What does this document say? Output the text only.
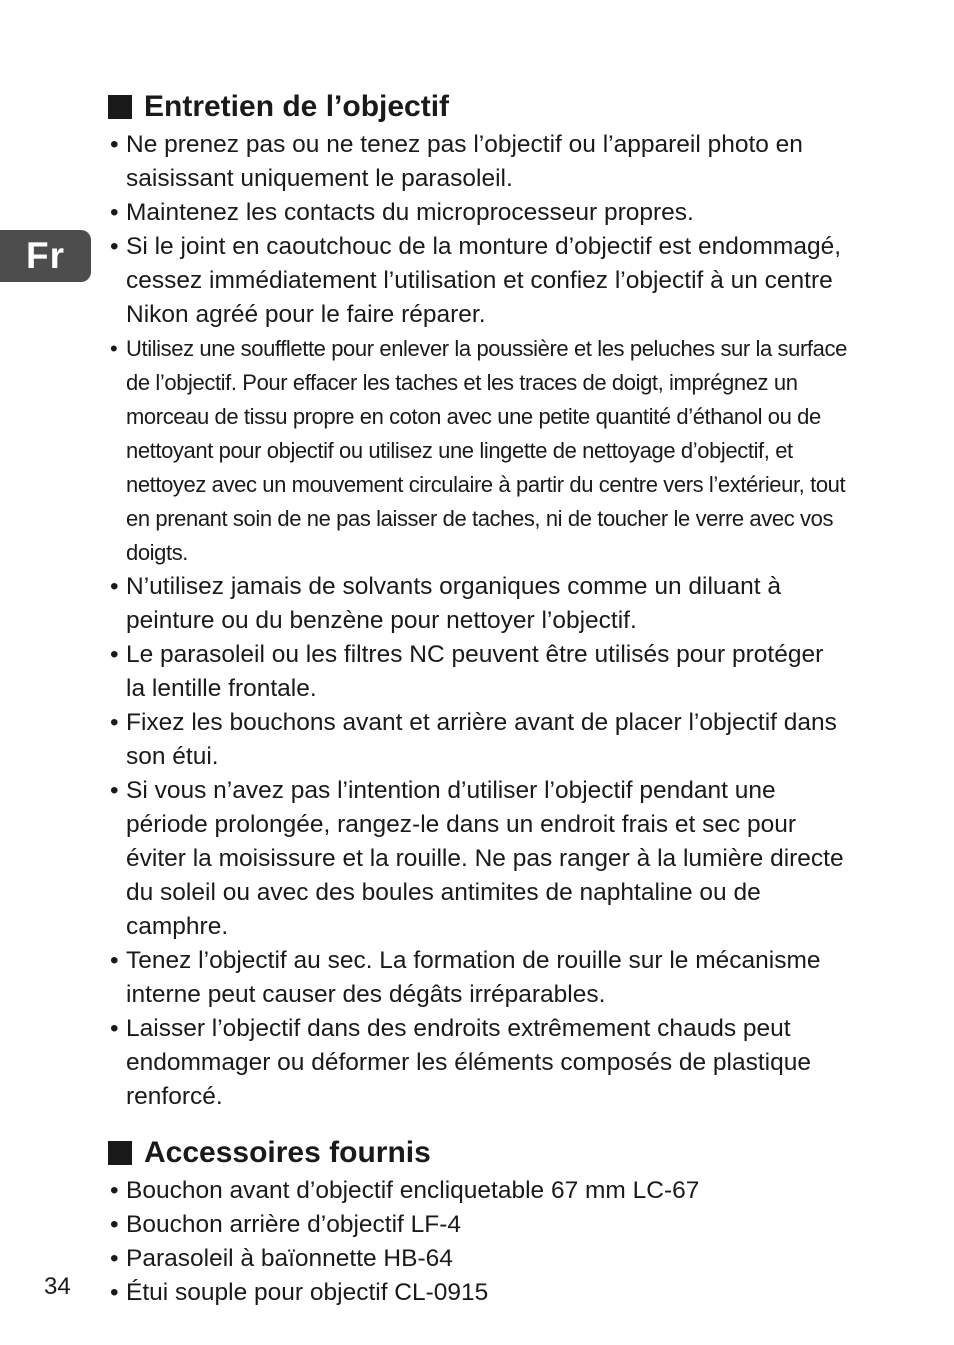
Fr
Entretien de l’objectif
• Ne prenez pas ou ne tenez pas l’objectif ou l’appareil photo en saisissant uniquement le parasoleil.
• Maintenez les contacts du microprocesseur propres.
• Si le joint en caoutchouc de la monture d’objectif est endommagé, cessez immédiatement l’utilisation et confiez l’objectif à un centre Nikon agréé pour le faire réparer.
• Utilisez une soufflette pour enlever la poussière et les peluches sur la surface de l’objectif. Pour effacer les taches et les traces de doigt, imprégnez un morceau de tissu propre en coton avec une petite quantité d’éthanol ou de nettoyant pour objectif ou utilisez une lingette de nettoyage d’objectif, et nettoyez avec un mouvement circulaire à partir du centre vers l’extérieur, tout en prenant soin de ne pas laisser de taches, ni de toucher le verre avec vos doigts.
• N’utilisez jamais de solvants organiques comme un diluant à peinture ou du benzène pour nettoyer l’objectif.
• Le parasoleil ou les filtres NC peuvent être utilisés pour protéger la lentille frontale.
• Fixez les bouchons avant et arrière avant de placer l’objectif dans son étui.
• Si vous n’avez pas l’intention d’utiliser l’objectif pendant une période prolongée, rangez-le dans un endroit frais et sec pour éviter la moisissure et la rouille. Ne pas ranger à la lumière directe du soleil ou avec des boules antimites de naphtaline ou de camphre.
• Tenez l’objectif au sec. La formation de rouille sur le mécanisme interne peut causer des dégâts irréparables.
• Laisser l’objectif dans des endroits extrêmement chauds peut endommager ou déformer les éléments composés de plastique renforcé.
Accessoires fournis
• Bouchon avant d’objectif encliquetable 67 mm LC-67
• Bouchon arrière d’objectif LF-4
• Parasoleil à baïonnette HB-64
• Étui souple pour objectif CL-0915
34
